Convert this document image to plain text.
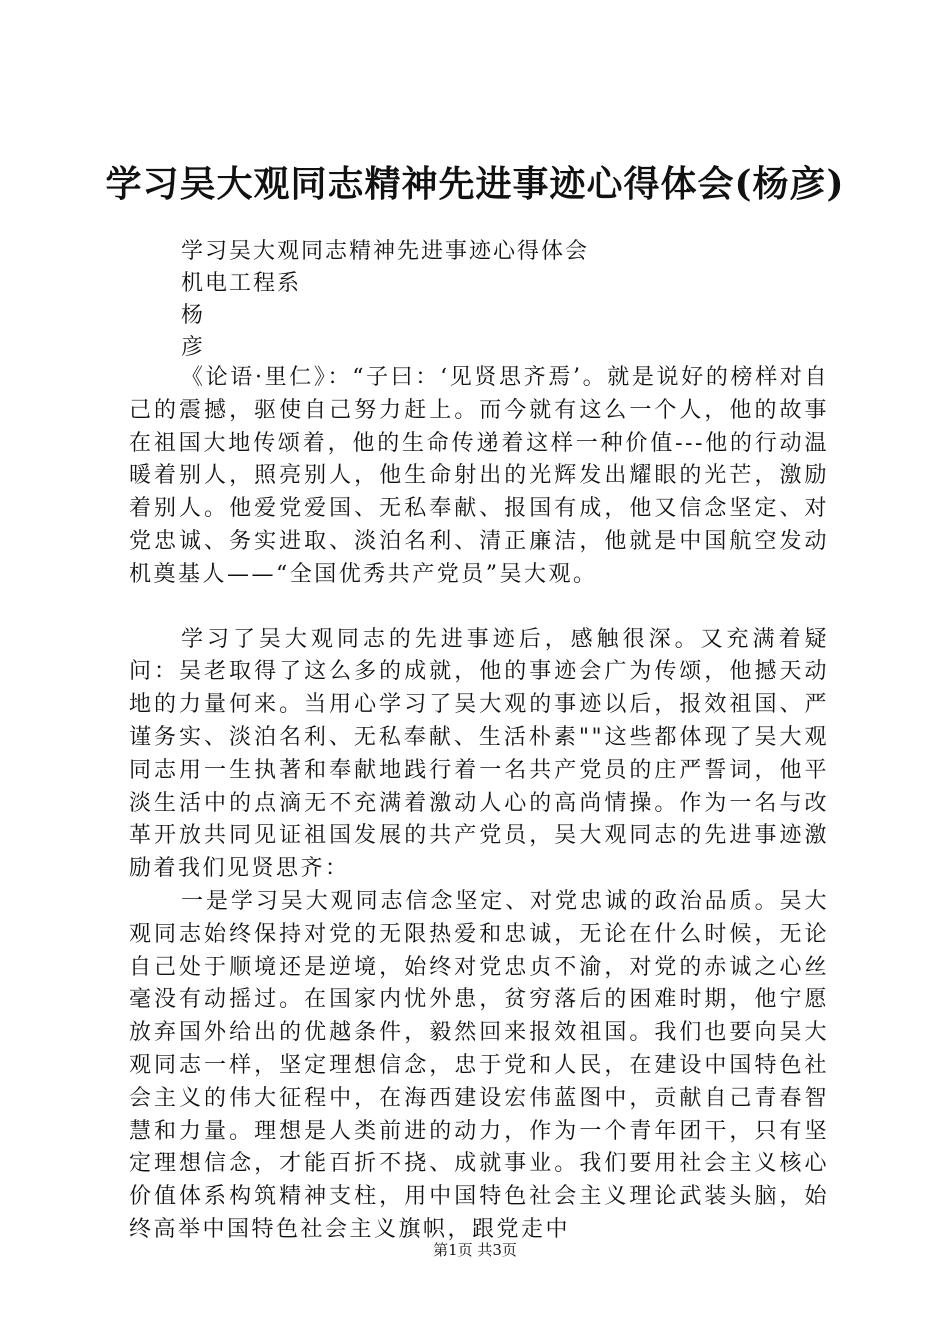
学习吴大观同志精神先进事迹心得体会(杨彦)
学习吴大观同志精神先进事迹心得体会
机电工程系
杨
彦

《论语·里仁》：“子曰：‘见贤思齐焉’。就是说好的榜样对自己的震撼，驱使自己努力赶上。而今就有这么一个人，他的故事在祖国大地传颂着，他的生命传递着这样一种价值---他的行动温暖着别人，照亮别人，他生命射出的光辉发出耀眼的光芒，激励着别人。他爱党爱国、无私奉献、报国有成，他又信念坚定、对党忠诚、务实进取、淡泊名利、清正廉洁，他就是中国航空发动机奠基人——“全国优秀共产党员”吴大观。

学习了吴大观同志的先进事迹后，感触很深。又充满着疑问：吴老取得了这么多的成就，他的事迹会广为传颂，他撼天动地的力量何来。当用心学习了吴大观的事迹以后，报效祖国、严谨务实、淡泊名利、无私奉献、生活朴素""这些都体现了吴大观同志用一生执著和奉献地践行着一名共产党员的庄严誓词，他平淡生活中的点滴无不充满着激动人心的高尚情操。作为一名与改革开放共同见证祖国发展的共产党员，吴大观同志的先进事迹激励着我们见贤思齐：

一是学习吴大观同志信念坚定、对党忠诚的政治品质。吴大观同志始终保持对党的无限热爱和忠诚，无论在什么时候，无论自己处于顺境还是逆境，始终对党忠贞不渝，对党的赤诚之心丝毫没有动摇过。在国家内忧外患，贫穷落后的困难时期，他宁愿放弃国外给出的优越条件，毅然回来报效祖国。我们也要向吴大观同志一样，坚定理想信念，忠于党和人民，在建设中国特色社会主义的伟大征程中，在海西建设宏伟蓝图中，贡献自己青春智慧和力量。理想是人类前进的动力，作为一个青年团干，只有坚定理想信念，才能百折不挠、成就事业。我们要用社会主义核心价值体系构筑精神支柱，用中国特色社会主义理论武装头脑，始终高举中国特色社会主义旗帜，跟党走中

第1页 共3页
